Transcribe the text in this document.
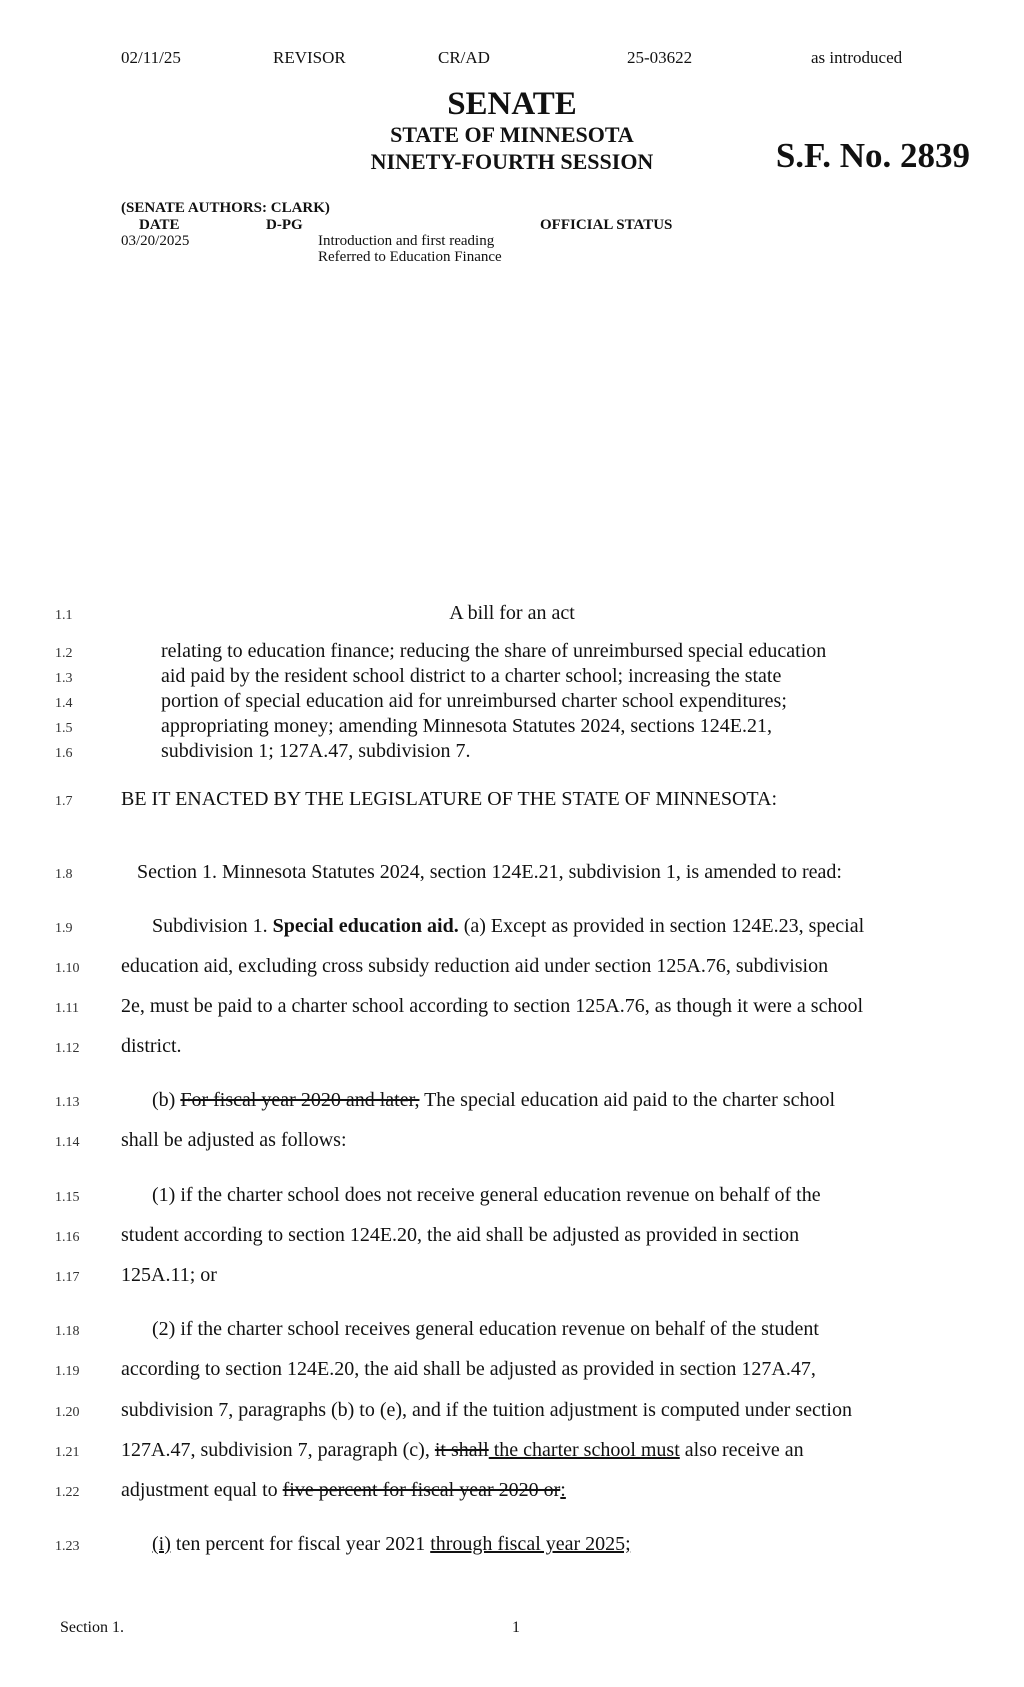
02/11/25	REVISOR	CR/AD	25-03622	as introduced
SENATE
STATE OF MINNESOTA
NINETY-FOURTH SESSION	S.F. No. 2839
(SENATE AUTHORS: CLARK)
DATE	D-PG	OFFICIAL STATUS
03/20/2025	Introduction and first reading
Referred to Education Finance
1.1
1.2
1.3
1.4
1.5
1.6
1.7
1.8
1.9
1.10
1.11
1.12
1.13
1.14
1.15
1.16
1.17
1.18
1.19
1.20
1.21
1.22
1.23
A bill for an act
relating to education finance; reducing the share of unreimbursed special education
aid paid by the resident school district to a charter school; increasing the state
portion of special education aid for unreimbursed charter school expenditures;
appropriating money; amending Minnesota Statutes 2024, sections 124E.21,
subdivision 1; 127A.47, subdivision 7.
BE IT ENACTED BY THE LEGISLATURE OF THE STATE OF MINNESOTA:
Section 1. Minnesota Statutes 2024, section 124E.21, subdivision 1, is amended to read:
Subdivision 1. Special education aid. (a) Except as provided in section 124E.23, special
education aid, excluding cross subsidy reduction aid under section 125A.76, subdivision
2e, must be paid to a charter school according to section 125A.76, as though it were a school
district.
(b) For fiscal year 2020 and later, The special education aid paid to the charter school
shall be adjusted as follows:
(1) if the charter school does not receive general education revenue on behalf of the
student according to section 124E.20, the aid shall be adjusted as provided in section
125A.11; or
(2) if the charter school receives general education revenue on behalf of the student
according to section 124E.20, the aid shall be adjusted as provided in section 127A.47,
subdivision 7, paragraphs (b) to (e), and if the tuition adjustment is computed under section
127A.47, subdivision 7, paragraph (c), it shall the charter school must also receive an
adjustment equal to five percent for fiscal year 2020 or:
(i) ten percent for fiscal year 2021 through fiscal year 2025;
Section 1.	1
